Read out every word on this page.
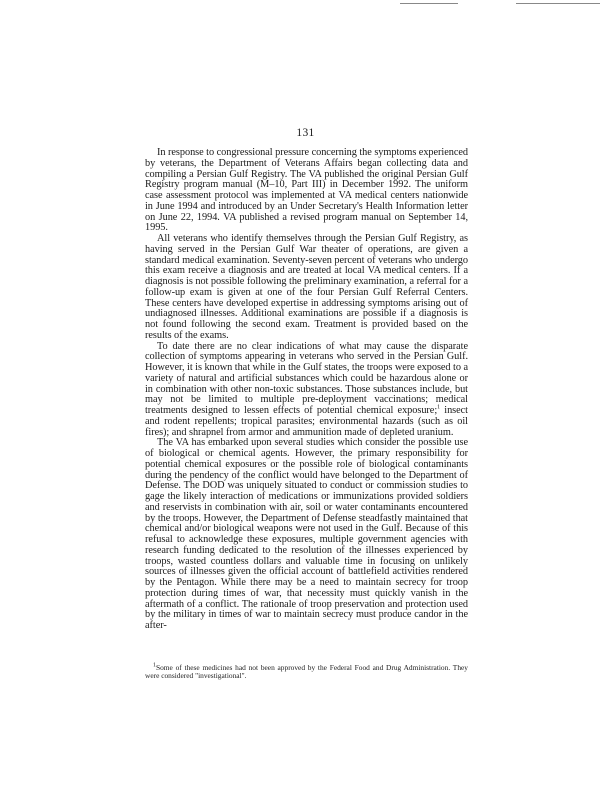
131

In response to congressional pressure concerning the symptoms experienced by veterans, the Department of Veterans Affairs began collecting data and compiling a Persian Gulf Registry. The VA published the original Persian Gulf Registry program manual (M–10, Part III) in December 1992. The uniform case assessment protocol was implemented at VA medical centers nationwide in June 1994 and introduced by an Under Secretary's Health Information letter on June 22, 1994. VA published a revised program manual on September 14, 1995.

All veterans who identify themselves through the Persian Gulf Registry, as having served in the Persian Gulf War theater of operations, are given a standard medical examination. Seventy-seven percent of veterans who undergo this exam receive a diagnosis and are treated at local VA medical centers. If a diagnosis is not possible following the preliminary examination, a referral for a follow-up exam is given at one of the four Persian Gulf Referral Centers. These centers have developed expertise in addressing symptoms arising out of undiagnosed illnesses. Additional examinations are possible if a diagnosis is not found following the second exam. Treatment is provided based on the results of the exams.

To date there are no clear indications of what may cause the disparate collection of symptoms appearing in veterans who served in the Persian Gulf. However, it is known that while in the Gulf states, the troops were exposed to a variety of natural and artificial substances which could be hazardous alone or in combination with other non-toxic substances. Those substances include, but may not be limited to multiple pre-deployment vaccinations; medical treatments designed to lessen effects of potential chemical exposure;$^1$ insect and rodent repellents; tropical parasites; environmental hazards (such as oil fires); and shrapnel from armor and ammunition made of depleted uranium.

The VA has embarked upon several studies which consider the possible use of biological or chemical agents. However, the primary responsibility for potential chemical exposures or the possible role of biological contaminants during the pendency of the conflict would have belonged to the Department of Defense. The DOD was uniquely situated to conduct or commission studies to gage the likely interaction of medications or immunizations provided soldiers and reservists in combination with air, soil or water contaminants encountered by the troops. However, the Department of Defense steadfastly maintained that chemical and/or biological weapons were not used in the Gulf. Because of this refusal to acknowledge these exposures, multiple government agencies with research funding dedicated to the resolution of the illnesses experienced by troops, wasted countless dollars and valuable time in focusing on unlikely sources of illnesses given the official account of battlefield activities rendered by the Pentagon. While there may be a need to maintain secrecy for troop protection during times of war, that necessity must quickly vanish in the aftermath of a conflict. The rationale of troop preservation and protection used by the military in times of war to maintain secrecy must produce candor in the after-

$^1$Some of these medicines had not been approved by the Federal Food and Drug Administration. They were considered "investigational".
